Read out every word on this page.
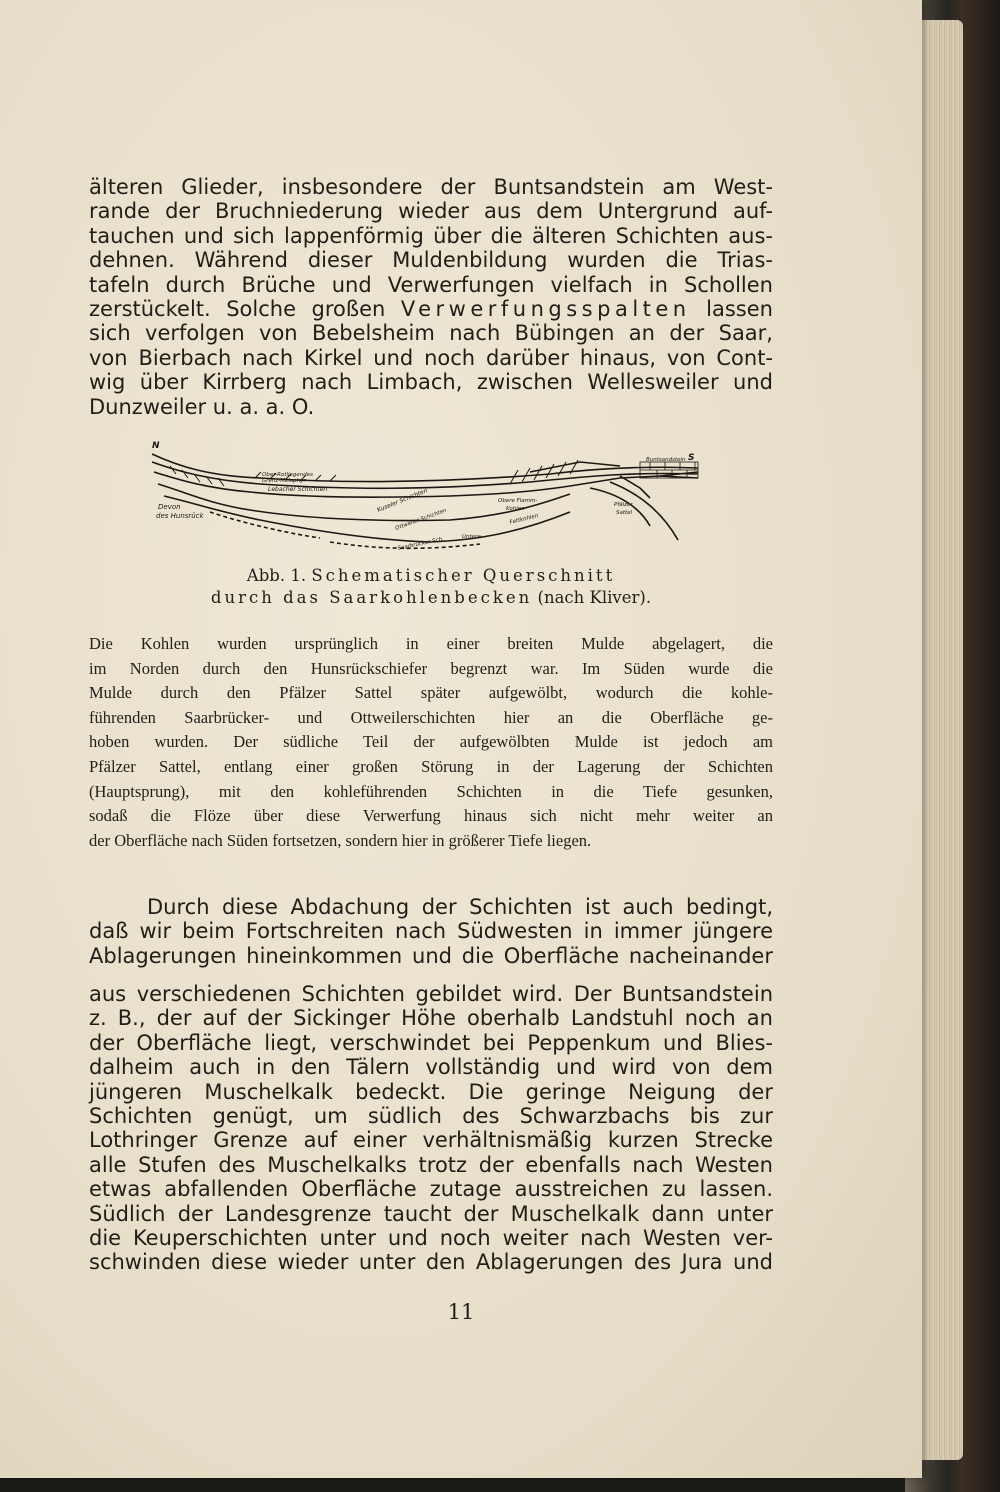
älteren Glieder, insbesondere der Buntsandstein am West-

rande der Bruchniederung wieder aus dem Untergrund auf-

tauchen und sich lappenförmig über die älteren Schichten aus-

dehnen. Während dieser Muldenbildung wurden die Trias-

tafeln durch Brüche und Verwerfungen vielfach in Schollen

zerstückelt. Solche großen Verwerfungsspalten lassen

sich verfolgen von Bebelsheim nach Bübingen an der Saar,

von Bierbach nach Kirkel und noch darüber hinaus, von Cont-

wig über Kirrberg nach Limbach, zwischen Wellesweiler und

Dunzweiler u. a. a. O.

N
S
Devon
des Hunsrück
Ober-Rotliegendes
Grenz-Melaphyr
Lebacher Schichten	Kuseler Schichten
Ottweiler Schichten
Obere Flamm-
Kohlen
Untere
Fettkohlen
Saarbrücker Sch.
Pfälzer
Sattel
Buntsandstein
Abb. 1. Schematischer Querschnitt
durch das Saarkohlenbecken (nach Kliver).

Die Kohlen wurden ursprünglich in einer breiten Mulde abgelagert, die

im Norden durch den Hunsrückschiefer begrenzt war. Im Süden wurde die

Mulde durch den Pfälzer Sattel später aufgewölbt, wodurch die kohle-

führenden Saarbrücker- und Ottweilerschichten hier an die Oberfläche ge-

hoben wurden. Der südliche Teil der aufgewölbten Mulde ist jedoch am

Pfälzer Sattel, entlang einer großen Störung in der Lagerung der Schichten

(Hauptsprung), mit den kohleführenden Schichten in die Tiefe gesunken,

sodaß die Flöze über diese Verwerfung hinaus sich nicht mehr weiter an

der Oberfläche nach Süden fortsetzen, sondern hier in größerer Tiefe liegen.

Durch diese Abdachung der Schichten ist auch bedingt,

daß wir beim Fortschreiten nach Südwesten in immer jüngere

Ablagerungen hineinkommen und die Oberfläche nacheinander

aus verschiedenen Schichten gebildet wird. Der Buntsandstein

z. B., der auf der Sickinger Höhe oberhalb Landstuhl noch an

der Oberfläche liegt, verschwindet bei Peppenkum und Blies-

dalheim auch in den Tälern vollständig und wird von dem

jüngeren Muschelkalk bedeckt. Die geringe Neigung der

Schichten genügt, um südlich des Schwarzbachs bis zur

Lothringer Grenze auf einer verhältnismäßig kurzen Strecke

alle Stufen des Muschelkalks trotz der ebenfalls nach Westen

etwas abfallenden Oberfläche zutage ausstreichen zu lassen.

Südlich der Landesgrenze taucht der Muschelkalk dann unter

die Keuperschichten unter und noch weiter nach Westen ver-

schwinden diese wieder unter den Ablagerungen des Jura und

11
